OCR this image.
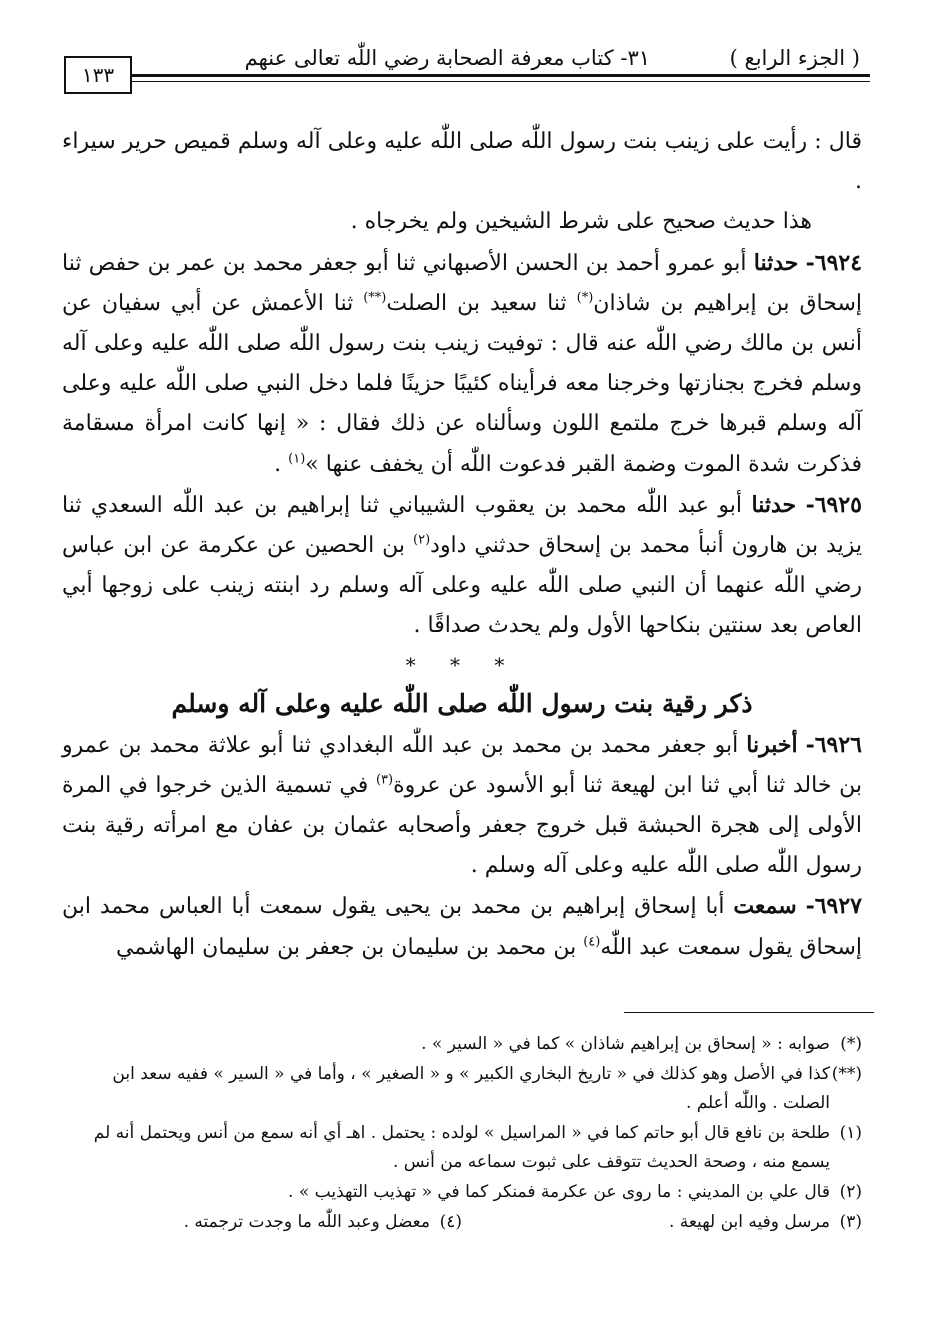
( الجزء الرابع )
٣١- كتاب معرفة الصحابة رضي اللّٰه تعالى عنهم
١٣٣

قال : رأيت على زينب بنت رسول اللّٰه صلى اللّٰه عليه وعلى آله وسلم قميص حرير سيراء .

هذا حديث صحيح على شرط الشيخين ولم يخرجاه .

٦٩٢٤- حدثنا أبو عمرو أحمد بن الحسن الأصبهاني ثنا أبو جعفر محمد بن عمر بن حفص ثنا إسحاق بن إبراهيم بن شاذان(*) ثنا سعيد بن الصلت(**) ثنا الأعمش عن أبي سفيان عن أنس بن مالك رضي اللّٰه عنه قال : توفيت زينب بنت رسول اللّٰه صلى اللّٰه عليه وعلى آله وسلم فخرج بجنازتها وخرجنا معه فرأيناه كئيبًا حزينًا فلما دخل النبي صلى اللّٰه عليه وعلى آله وسلم قبرها خرج ملتمع اللون وسألناه عن ذلك فقال : « إنها كانت امرأة مسقامة فذكرت شدة الموت وضمة القبر فدعوت اللّٰه أن يخفف عنها »$^{(١)}$ .

٦٩٢٥- حدثنا أبو عبد اللّٰه محمد بن يعقوب الشيباني ثنا إبراهيم بن عبد اللّٰه السعدي ثنا يزيد بن هارون أنبأ محمد بن إسحاق حدثني داود$^{(٢)}$ بن الحصين عن عكرمة عن ابن عباس رضي اللّٰه عنهما أن النبي صلى اللّٰه عليه وعلى آله وسلم رد ابنته زينب على زوجها أبي العاص بعد سنتين بنكاحها الأول ولم يحدث صداقًا .

* * *

ذكر رقية بنت رسول اللّٰه صلى اللّٰه عليه وعلى آله وسلم

٦٩٢٦- أخبرنا أبو جعفر محمد بن محمد بن عبد اللّٰه البغدادي ثنا أبو علاثة محمد بن عمرو بن خالد ثنا أبي ثنا ابن لهيعة ثنا أبو الأسود عن عروة$^{(٣)}$ في تسمية الذين خرجوا في المرة الأولى إلى هجرة الحبشة قبل خروج جعفر وأصحابه عثمان بن عفان مع امرأته رقية بنت رسول اللّٰه صلى اللّٰه عليه وعلى آله وسلم .

٦٩٢٧- سمعت أبا إسحاق إبراهيم بن محمد بن يحيى يقول سمعت أبا العباس محمد ابن إسحاق يقول سمعت عبد اللّٰه$^{(٤)}$ بن محمد بن سليمان بن جعفر بن سليمان الهاشمي

(*)صوابه : « إسحاق بن إبراهيم شاذان » كما في « السير » .

(**)كذا في الأصل وهو كذلك في « تاريخ البخاري الكبير » و « الصغير » ، وأما في « السير » ففيه سعد ابن الصلت . واللّٰه أعلم .

(١)طلحة بن نافع قال أبو حاتم كما في « المراسيل » لولده : يحتمل . اهـ أي أنه سمع من أنس ويحتمل أنه لم يسمع منه ، وصحة الحديث تتوقف على ثبوت سماعه من أنس .

(٢)قال علي بن المديني : ما روى عن عكرمة فمنكر كما في « تهذيب التهذيب » .

(٣)مرسل وفيه ابن لهيعة .

(٤)معضل وعبد اللّٰه ما وجدت ترجمته .
